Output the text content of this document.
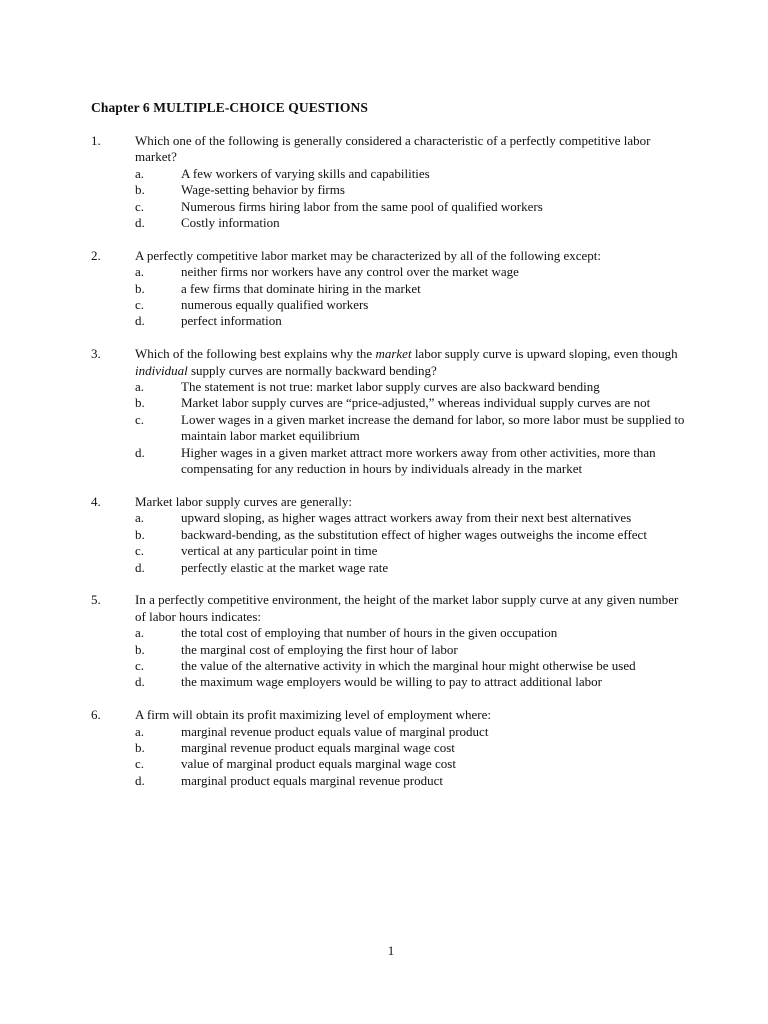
Chapter 6 MULTIPLE-CHOICE QUESTIONS
1.	Which one of the following is generally considered a characteristic of a perfectly competitive labor market?
a.	A few workers of varying skills and capabilities
b.	Wage-setting behavior by firms
c.	Numerous firms hiring labor from the same pool of qualified workers
d.	Costly information
2.	A perfectly competitive labor market may be characterized by all of the following except:
a.	neither firms nor workers have any control over the market wage
b.	a few firms that dominate hiring in the market
c.	numerous equally qualified workers
d.	perfect information
3.	Which of the following best explains why the market labor supply curve is upward sloping, even though individual supply curves are normally backward bending?
a.	The statement is not true: market labor supply curves are also backward bending
b.	Market labor supply curves are “price-adjusted,” whereas individual supply curves are not
c.	Lower wages in a given market increase the demand for labor, so more labor must be supplied to maintain labor market equilibrium
d.	Higher wages in a given market attract more workers away from other activities, more than compensating for any reduction in hours by individuals already in the market
4.	Market labor supply curves are generally:
a.	upward sloping, as higher wages attract workers away from their next best alternatives
b.	backward-bending, as the substitution effect of higher wages outweighs the income effect
c.	vertical at any particular point in time
d.	perfectly elastic at the market wage rate
5.	In a perfectly competitive environment, the height of the market labor supply curve at any given number of labor hours indicates:
a.	the total cost of employing that number of hours in the given occupation
b.	the marginal cost of employing the first hour of labor
c.	the value of the alternative activity in which the marginal hour might otherwise be used
d.	the maximum wage employers would be willing to pay to attract additional labor
6.	A firm will obtain its profit maximizing level of employment where:
a.	marginal revenue product equals value of marginal product
b.	marginal revenue product equals marginal wage cost
c.	value of marginal product equals marginal wage cost
d.	marginal product equals marginal revenue product
1
